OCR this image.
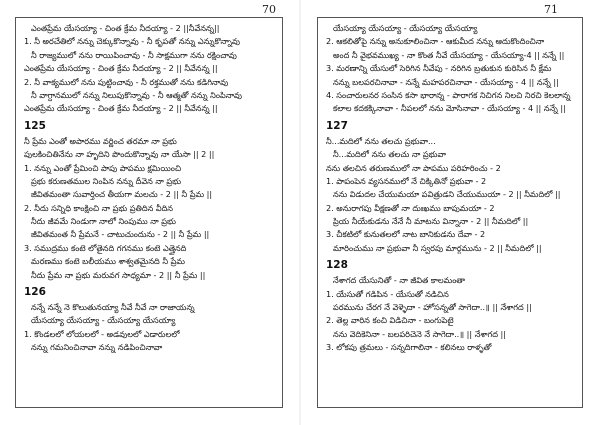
70
ఎంతప్రేమ యేసయ్యా - చింత క్రేమ నీదయ్యా - 2 ||నీవేనన్న||
1. నీ అరచేతిలో నన్ను చెక్కుకొన్నావు - నీ కృపతో నన్ను ఎన్నుకొన్నావు
నీ రాజ్యములో నను రాయిపించావు - నీ సాక్షముగా నను రక్షించావు
ఎంతప్రేమ యేసయ్యా - చింత క్రేమ నీదయ్యా - 2 || నీవేనన్న ||
2. నీ వాక్యములో నను పుట్టించావు - నీ రక్తముతో నను కడిగినావు
నీ వాగ్దానములో నన్ను నిలుపుకొన్నావు - నీ ఆత్మతో నన్ను నింపినావు
ఎంతప్రేమ యేసయ్యా - చింత క్రేమ నీదయ్యా - 2 || నీవేనన్న ||
125
నీ ప్రేమ ఎంతో అపారము వర్ణించ తరమా నా ప్రభు
పులకించితినేను నా హృదిని పొందుకొన్నావు నా యేసా || 2 ||
1. నన్ను ఎంతో ప్రేమించి పాపు పాపము క్షమియించి
ప్రభు కరుణతముల నింపిన నన్ను దీవెన నా ప్రభు
జీవితమంతా సువార్తించ తీయగా మలచు - 2 || నీ ప్రేమ ||
2. నీదు సన్నిధి కాంక్షించి నా ప్రభు ప్రతిదిన వీదిన
నీదు జీవమే నిండుగా నాలో నింపుము నా ప్రభు
జీవితమంత నీ ప్రేమనే - చాటుచుందును - 2 || నీ ప్రేమ ||
3. సముద్రము కంటె లోతైనది గగనము కంటె ఎత్తైనది
మరణము కంటె బలీయము శాశ్వతమైనది నీ ప్రేమ
నీదు ప్రేమ నా ప్రభు మరువగ సాధ్యమా - 2 || నీ ప్రేమ ||
126
నన్నే నన్నే నె కొలుతునయ్యా నీవే నీవే నా రాజాయన్న
యేసయ్యా యేసయ్యా - యేసయ్యా యేసయ్యా
1. కొండలలో లోయలలో - అడవులలో ఎడారులలో
నన్ను గమనించినావా నన్ను నడిపించినావా
71
యేసయ్యా యేసయ్యా - యేసయ్యా యేసయ్యా
2. ఆకలితోపై నన్ను అనుకూలించినా - ఆకుమీద నన్ను ఆదుకొందించినా
అంద నీ వైభవముఖ్య - నా కొంత నీవే యేసయ్యా - యేసయ్యా-4 || నన్నే ||
3. మరణాన్ని యేసులో సెరిగిన నీవేపు - నరిగిన బ్రతుకున కురిసిన నీ క్షేమ
నన్ను బలపరచినావా - నన్నే మహపరచినావా - యేసయ్యా - 4 || నన్నే ||
4. సంచారులనర సంసిన కసా భారాన్న - పారాగక నిచిగన నిలచి నిరచి కెలలాన్న
కలాల కదకక్కినావా - నీపలలో నను మోసినావా - యేసయ్యా - 4 || నన్నే ||
127
నీ...మదిలో నను తలచు ప్రభువా...
నీ...మదిలో నను తలచు నా ప్రభువా
నను తలచిన తరుణములో నా పాపము పరిహరించు - 2
1. పాపంపెన వ్యసనములో నే చిక్కితినో ప్రభువా - 2
నను విడుదల చేయుమయా పవిత్రుడని చేయుముయా - 2 || నీమదిలో ||
2. అనురాగపు వీక్షణతో నా దుఃఖము బాపుమయా - 2
ప్రియ నీయేకుడను నేనే నీ మాటను విన్నానా - 2 || నీమదిలో ||
3. చీకటిలో కునుతలలో నాట బానికుడను దేవా - 2
మారించుము నా ప్రభువా నీ స్వరపు మార్గమును - 2 || నీమదిలో ||
128
నేశాగద యేసునితో - నా జీవిత కాలమంతా
1. యేసుతో గడిపిన - యేసుతో నడిచిన
పరమును చేరగ నే వెళ్ళెదా - హోసన్నతో సాగెదా..॥ || నేశాగద ||
2. తెల్ల వారిన కంచి విడిచినా - బంగుపెటై
నను వెదికెనినా - బలపరిచెనె నే సాగెదా..॥ || నేశాగద ||
3. లోకపు త్రమలు - సన్నదిగాలినా - కలినలు రాళ్ళతో
